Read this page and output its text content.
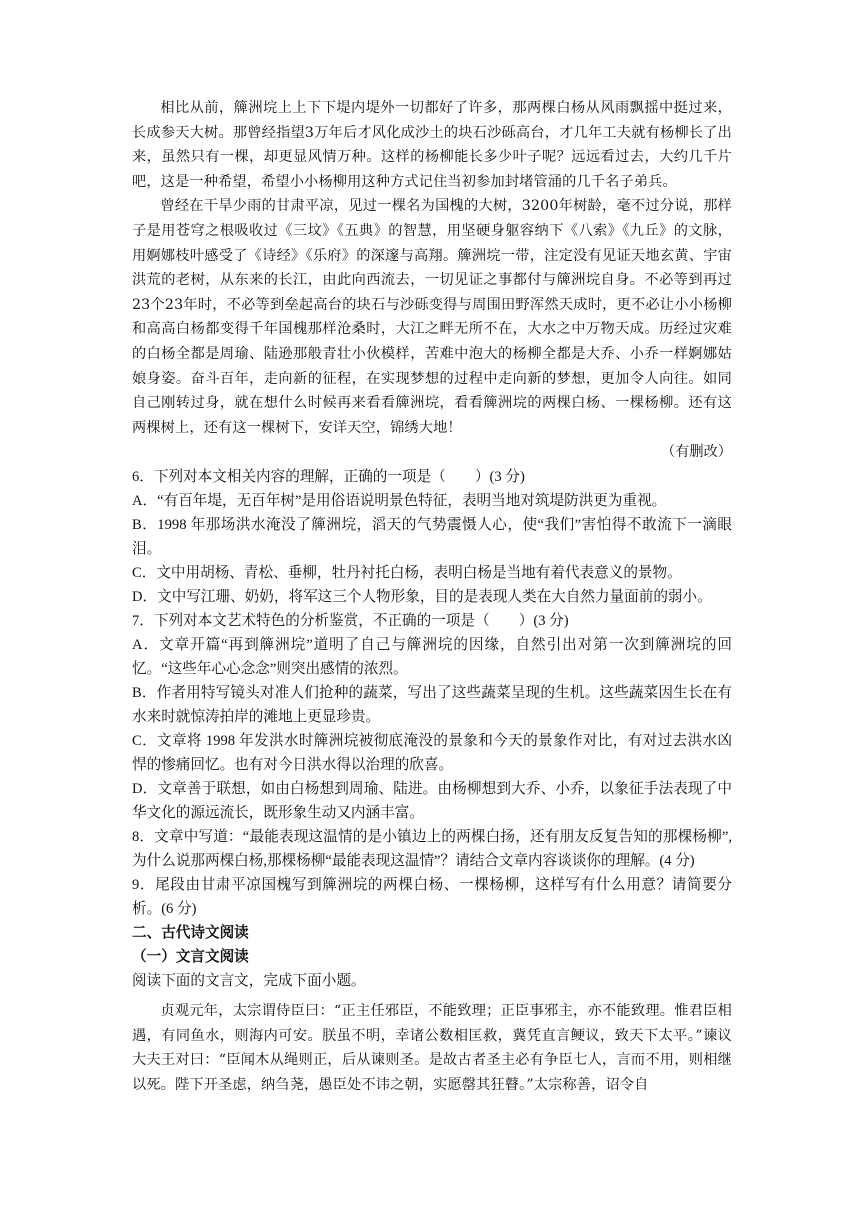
相比从前，簰洲垸上上下下堤内堤外一切都好了许多，那两棵白杨从风雨飘摇中挺过来，长成参天大树。那曾经指望3万年后才风化成沙土的块石沙砾高台，才几年工夫就有杨柳长了出来，虽然只有一棵，却更显风情万种。这样的杨柳能长多少叶子呢？远远看过去，大约几千片吧，这是一种希望，希望小小杨柳用这种方式记住当初参加封堵管涌的几千名子弟兵。

曾经在干旱少雨的甘肃平凉，见过一棵名为国槐的大树，3200年树龄，毫不过分说，那样子是用苍穹之根吸收过《三坟》《五典》的智慧，用坚硬身躯容纳下《八索》《九丘》的文脉，用婀娜枝叶感受了《诗经》《乐府》的深邃与高翔。簰洲垸一带，注定没有见证天地玄黄、宇宙洪荒的老树，从东来的长江，由此向西流去，一切见证之事都付与簰洲垸自身。不必等到再过23个23年时，不必等到垒起高台的块石与沙砾变得与周围田野浑然天成时，更不必让小小杨柳和高高白杨都变得千年国槐那样沧桑时，大江之畔无所不在，大水之中万物天成。历经过灾难的白杨全都是周瑜、陆逊那般青壮小伙模样，苦难中泡大的杨柳全都是大乔、小乔一样婀娜姑娘身姿。奋斗百年，走向新的征程，在实现梦想的过程中走向新的梦想，更加令人向往。如同自己刚转过身，就在想什么时候再来看看簰洲垸，看看簰洲垸的两棵白杨、一棵杨柳。还有这两棵树上，还有这一棵树下，安详天空，锦绣大地！

（有删改）

6．下列对本文相关内容的理解，正确的一项是（　　）(3 分)

A．“有百年堤，无百年树”是用俗语说明景色特征，表明当地对筑堤防洪更为重视。

B．1998 年那场洪水淹没了簰洲垸，滔天的气势震慑人心，使“我们”害怕得不敢流下一滴眼泪。

C．文中用胡杨、青松、垂柳，牡丹衬托白杨，表明白杨是当地有着代表意义的景物。

D．文中写江珊、奶奶，将军这三个人物形象，目的是表现人类在大自然力量面前的弱小。

7．下列对本文艺术特色的分析鉴赏，不正确的一项是（　　）(3 分)

A．文章开篇“再到簰洲垸”道明了自己与簰洲垸的因缘，自然引出对第一次到簰洲垸的回忆。“这些年心心念念”则突出感情的浓烈。

B．作者用特写镜头对准人们抢种的蔬菜，写出了这些蔬菜呈现的生机。这些蔬菜因生长在有水来时就惊涛拍岸的滩地上更显珍贵。

C．文章将 1998 年发洪水时簰洲垸被彻底淹没的景象和今天的景象作对比，有对过去洪水凶悍的惨痛回忆。也有对今日洪水得以治理的欣喜。

D．文章善于联想，如由白杨想到周瑜、陆进。由杨柳想到大乔、小乔，以象征手法表现了中华文化的源远流长，既形象生动又内涵丰富。

8．文章中写道：“最能表现这温情的是小镇边上的两棵白扬，还有朋友反复告知的那棵杨柳”,为什么说那两棵白杨,那棵杨柳“最能表现这温情”？请结合文章内容谈谈你的理解。(4 分)

9．尾段由甘肃平凉国槐写到簰洲垸的两棵白杨、一棵杨柳，这样写有什么用意？请简要分析。(6 分)

二、古代诗文阅读

（一）文言文阅读

阅读下面的文言文，完成下面小题。

贞观元年，太宗谓侍臣曰：“正主任邪臣，不能致理；正臣事邪主，亦不能致理。惟君臣相遇，有同鱼水，则海内可安。朕虽不明，幸诸公数相匡救，冀凭直言鲠议，致天下太平。”谏议大夫王对曰：“臣闻木从绳则正，后从谏则圣。是故古者圣主必有争臣七人，言而不用，则相继以死。陛下开圣虑，纳刍荛，愚臣处不讳之朝，实愿罄其狂瞽。”太宗称善，诏令自
